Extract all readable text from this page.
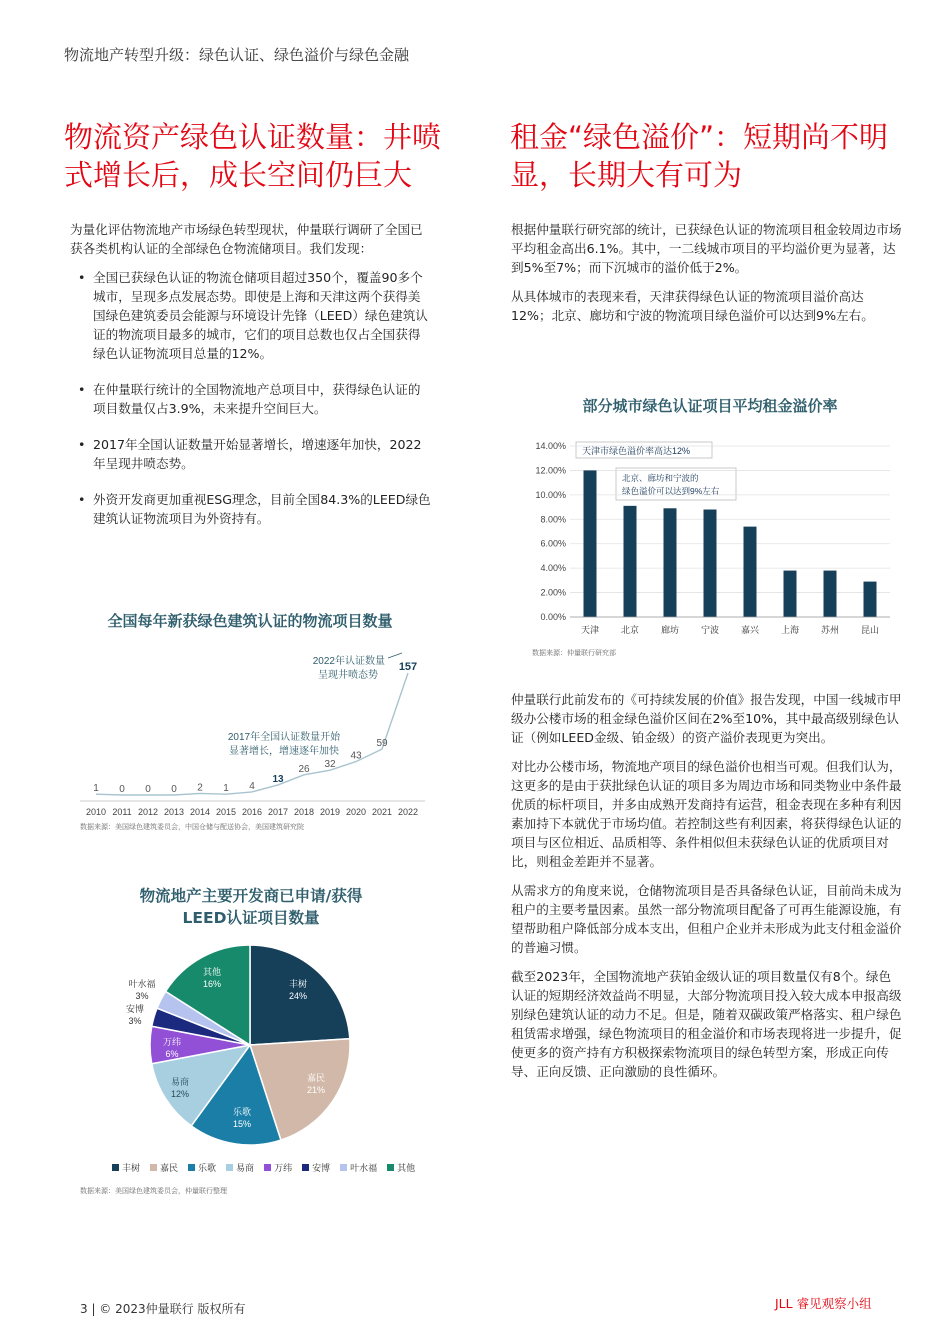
物流地产转型升级：绿色认证、绿色溢价与绿色金融
物流资产绿色认证数量：井喷
式增长后，成长空间仍巨大

为量化评估物流地产市场绿色转型现状，仲量联行调研了全国已获各类机构认证的全部绿色仓物流储项目。我们发现：

• 全国已获绿色认证的物流仓储项目超过350个，覆盖90多个城市，呈现多点发展态势。即使是上海和天津这两个获得美国绿色建筑委员会能源与环境设计先锋（LEED）绿色建筑认证的物流项目最多的城市，它们的项目总数也仅占全国获得绿色认证物流项目总量的12%。
• 在仲量联行统计的全国物流地产总项目中，获得绿色认证的项目数量仅占3.9%，未来提升空间巨大。
• 2017年全国认证数量开始显著增长，增速逐年加快，2022年呈现井喷态势。
• 外资开发商更加重视ESG理念，目前全国84.3%的LEED绿色建筑认证物流项目为外资持有。
全国每年新获绿色建筑认证的物流项目数量
2022年认证数量
呈现井喷态势
2017年全国认证数量开始
显著增长，增速逐年加快
1
2010
0
2011
0
2012
0
2013
2
2014
1
2015
4
2016
13
2017
26
2018
32
2019
43
2020
59
2021
157
2022
数据来源：美国绿色建筑委员会，中国仓储与配送协会，美国建筑研究院
物流地产主要开发商已申请/获得
LEED认证项目数量
丰树
24%
嘉民
21%
乐歌
15%
易商
12%
万纬
6%
安博
3%
叶水福
3%
其他
16%
丰树 嘉民 乐歌 易商 万纬 安博 叶水福 其他
数据来源：美国绿色建筑委员会，仲量联行整理
租金“绿色溢价”：短期尚不明
显，长期大有可为

根据仲量联行研究部的统计，已获绿色认证的物流项目租金较周边市场平均租金高出6.1%。其中，一二线城市项目的平均溢价更为显著，达到5%至7%；而下沉城市的溢价低于2%。

从具体城市的表现来看，天津获得绿色认证的物流项目溢价高达12%；北京、廊坊和宁波的物流项目绿色溢价可以达到9%左右。

部分城市绿色认证项目平均租金溢价率
天津市绿色溢价率高达12%
北京、廊坊和宁波的
绿色溢价可以达到9%左右
0.00%
2.00%
4.00%
6.00%
8.00%
10.00%
12.00%
14.00%
天津 北京 廊坊 宁波 嘉兴 上海 苏州 昆山
数据来源：仲量联行研究部

仲量联行此前发布的《可持续发展的价值》报告发现，中国一线城市甲级办公楼市场的租金绿色溢价区间在2%至10%，其中最高级别绿色认证（例如LEED金级、铂金级）的资产溢价表现更为突出。

对比办公楼市场，物流地产项目的绿色溢价也相当可观。但我们认为，这更多的是由于获批绿色认证的项目多为周边市场和同类物业中条件最优质的标杆项目，并多由成熟开发商持有运营，租金表现在多种有利因素加持下本就优于市场均值。若控制这些有利因素，将获得绿色认证的项目与区位相近、品质相等、条件相似但未获绿色认证的优质项目对比，则租金差距并不显著。

从需求方的角度来说，仓储物流项目是否具备绿色认证，目前尚未成为租户的主要考量因素。虽然一部分物流项目配备了可再生能源设施，有望帮助租户降低部分成本支出，但租户企业并未形成为此支付租金溢价的普遍习惯。

截至2023年，全国物流地产获铂金级认证的项目数量仅有8个。绿色认证的短期经济效益尚不明显，大部分物流项目投入较大成本申报高级别绿色建筑认证的动力不足。但是，随着双碳政策严格落实、租户绿色租赁需求增强，绿色物流项目的租金溢价和市场表现将进一步提升，促使更多的资产持有方积极探索物流项目的绿色转型方案，形成正向传导、正向反馈、正向激励的良性循环。

3 | © 2023仲量联行 版权所有	JLL 睿见观察小组
